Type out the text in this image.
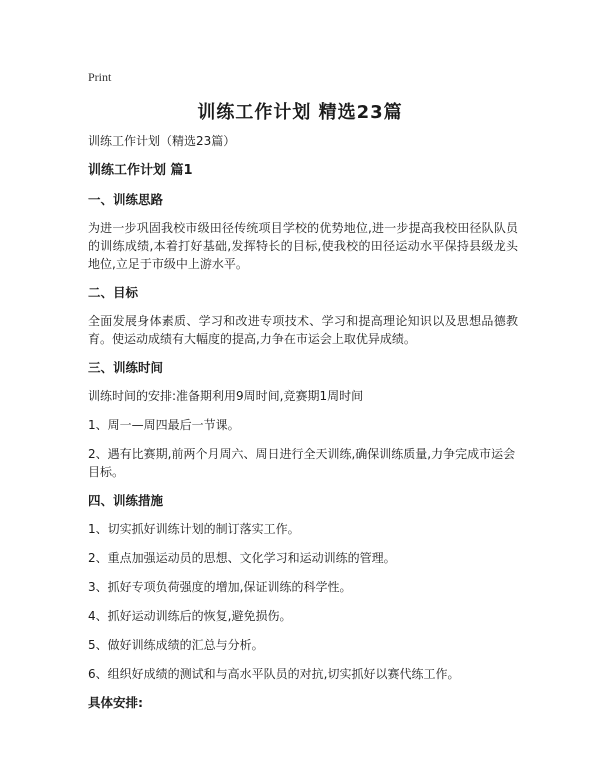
Print
训练工作计划 精选23篇
训练工作计划（精选23篇）
训练工作计划 篇1
一、训练思路
为进一步巩固我校市级田径传统项目学校的优势地位,进一步提高我校田径队队员的训练成绩,本着打好基础,发挥特长的目标,使我校的田径运动水平保持县级龙头地位,立足于市级中上游水平。
二、目标
全面发展身体素质、学习和改进专项技术、学习和提高理论知识以及思想品德教育。使运动成绩有大幅度的提高,力争在市运会上取优异成绩。
三、训练时间
训练时间的安排:准备期利用9周时间,竞赛期1周时间
1、周一—周四最后一节课。
2、遇有比赛期,前两个月周六、周日进行全天训练,确保训练质量,力争完成市运会目标。
四、训练措施
1、切实抓好训练计划的制订落实工作。
2、重点加强运动员的思想、文化学习和运动训练的管理。
3、抓好专项负荷强度的增加,保证训练的科学性。
4、抓好运动训练后的恢复,避免损伤。
5、做好训练成绩的汇总与分析。
6、组织好成绩的测试和与高水平队员的对抗,切实抓好以赛代练工作。
具体安排:
